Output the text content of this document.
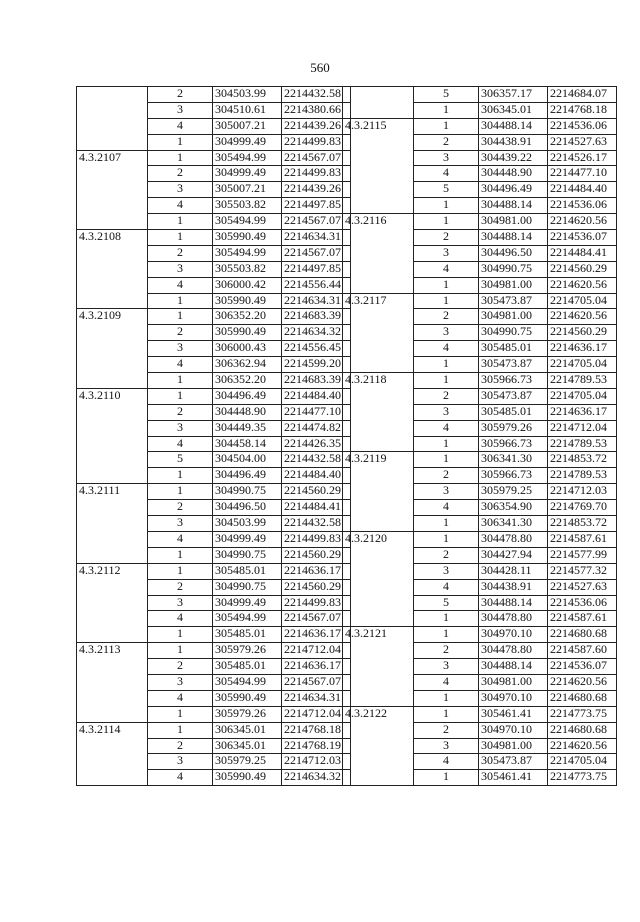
560
	2	304503.99	2214432.58
	3	304510.61	2214380.66
	4	305007.21	2214439.26
	1	304999.49	2214499.83
4.3.2107	1	305494.99	2214567.07
	2	304999.49	2214499.83
	3	305007.21	2214439.26
	4	305503.82	2214497.85
	1	305494.99	2214567.07
4.3.2108	1	305990.49	2214634.31
	2	305494.99	2214567.07
	3	305503.82	2214497.85
	4	306000.42	2214556.44
	1	305990.49	2214634.31
4.3.2109	1	306352.20	2214683.39
	2	305990.49	2214634.32
	3	306000.43	2214556.45
	4	306362.94	2214599.20
	1	306352.20	2214683.39
4.3.2110	1	304496.49	2214484.40
	2	304448.90	2214477.10
	3	304449.35	2214474.82
	4	304458.14	2214426.35
	5	304504.00	2214432.58
	1	304496.49	2214484.40
4.3.2111	1	304990.75	2214560.29
	2	304496.50	2214484.41
	3	304503.99	2214432.58
	4	304999.49	2214499.83
	1	304990.75	2214560.29
4.3.2112	1	305485.01	2214636.17
	2	304990.75	2214560.29
	3	304999.49	2214499.83
	4	305494.99	2214567.07
	1	305485.01	2214636.17
4.3.2113	1	305979.26	2214712.04
	2	305485.01	2214636.17
	3	305494.99	2214567.07
	4	305990.49	2214634.31
	1	305979.26	2214712.04
4.3.2114	1	306345.01	2214768.18
	2	306345.01	2214768.19
	3	305979.25	2214712.03
	4	305990.49	2214634.32
	5	306357.17	2214684.07
	1	306345.01	2214768.18
4.3.2115	1	304488.14	2214536.06
	2	304438.91	2214527.63
	3	304439.22	2214526.17
	4	304448.90	2214477.10
	5	304496.49	2214484.40
	1	304488.14	2214536.06
4.3.2116	1	304981.00	2214620.56
	2	304488.14	2214536.07
	3	304496.50	2214484.41
	4	304990.75	2214560.29
	1	304981.00	2214620.56
4.3.2117	1	305473.87	2214705.04
	2	304981.00	2214620.56
	3	304990.75	2214560.29
	4	305485.01	2214636.17
	1	305473.87	2214705.04
4.3.2118	1	305966.73	2214789.53
	2	305473.87	2214705.04
	3	305485.01	2214636.17
	4	305979.26	2214712.04
	1	305966.73	2214789.53
4.3.2119	1	306341.30	2214853.72
	2	305966.73	2214789.53
	3	305979.25	2214712.03
	4	306354.90	2214769.70
	1	306341.30	2214853.72
4.3.2120	1	304478.80	2214587.61
	2	304427.94	2214577.99
	3	304428.11	2214577.32
	4	304438.91	2214527.63
	5	304488.14	2214536.06
	1	304478.80	2214587.61
4.3.2121	1	304970.10	2214680.68
	2	304478.80	2214587.60
	3	304488.14	2214536.07
	4	304981.00	2214620.56
	1	304970.10	2214680.68
4.3.2122	1	305461.41	2214773.75
	2	304970.10	2214680.68
	3	304981.00	2214620.56
	4	305473.87	2214705.04
	1	305461.41	2214773.75
